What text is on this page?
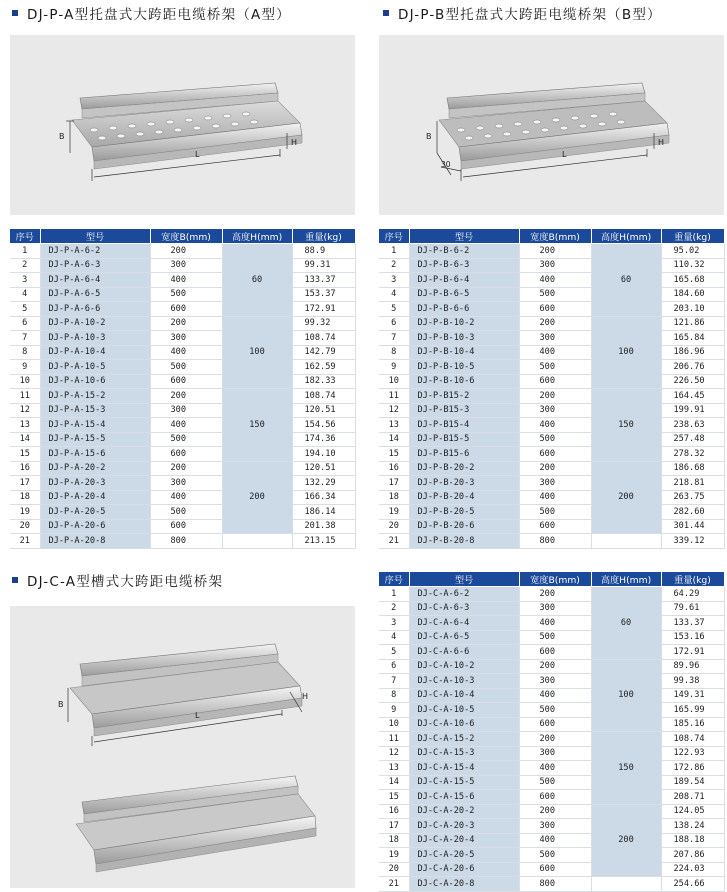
DJ-P-A型托盘式大跨距电缆桥架（A型）	DJ-P-B型托盘式大跨距电缆桥架（B型）
DJ-C-A型槽式大跨距电缆桥架
B
L
H
B
L
H
30
B
L
H
序号	型号	宽度B(mm)	高度H(mm)	重量(kg)
1	DJ-P-A-6-2	200	60	88.9
2	DJ-P-A-6-3	300		99.31
3	DJ-P-A-6-4	400		133.37
4	DJ-P-A-6-5	500		153.37
5	DJ-P-A-6-6	600		172.91
6	DJ-P-A-10-2	200	100	99.32
7	DJ-P-A-10-3	300		108.74
8	DJ-P-A-10-4	400		142.79
9	DJ-P-A-10-5	500		162.59
10	DJ-P-A-10-6	600		182.33
11	DJ-P-A-15-2	200	150	108.74
12	DJ-P-A-15-3	300		120.51
13	DJ-P-A-15-4	400		154.56
14	DJ-P-A-15-5	500		174.36
15	DJ-P-A-15-6	600		194.10
16	DJ-P-A-20-2	200	200	120.51
17	DJ-P-A-20-3	300		132.29
18	DJ-P-A-20-4	400		166.34
19	DJ-P-A-20-5	500		186.14
20	DJ-P-A-20-6	600		201.38
21	DJ-P-A-20-8	800		213.15
序号	型号	宽度B(mm)	高度H(mm)	重量(kg)
1	DJ-P-B-6-2	200	60	95.02
2	DJ-P-B-6-3	300		110.32
3	DJ-P-B-6-4	400		165.68
4	DJ-P-B-6-5	500		184.60
5	DJ-P-B-6-6	600		203.10
6	DJ-P-B-10-2	200	100	121.86
7	DJ-P-B-10-3	300		165.84
8	DJ-P-B-10-4	400		186.96
9	DJ-P-B-10-5	500		206.76
10	DJ-P-B-10-6	600		226.50
11	DJ-P-B15-2	200	150	164.45
12	DJ-P-B15-3	300		199.91
13	DJ-P-B15-4	400		238.63
14	DJ-P-B15-5	500		257.48
15	DJ-P-B15-6	600		278.32
16	DJ-P-B-20-2	200	200	186.68
17	DJ-P-B-20-3	300		218.81
18	DJ-P-B-20-4	400		263.75
19	DJ-P-B-20-5	500		282.60
20	DJ-P-B-20-6	600		301.44
21	DJ-P-B-20-8	800		339.12
序号	型号	宽度B(mm)	高度H(mm)	重量(kg)
1	DJ-C-A-6-2	200	60	64.29
2	DJ-C-A-6-3	300		79.61
3	DJ-C-A-6-4	400		133.37
4	DJ-C-A-6-5	500		153.16
5	DJ-C-A-6-6	600		172.91
6	DJ-C-A-10-2	200	100	89.96
7	DJ-C-A-10-3	300		99.38
8	DJ-C-A-10-4	400		149.31
9	DJ-C-A-10-5	500		165.99
10	DJ-C-A-10-6	600		185.16
11	DJ-C-A-15-2	200	150	108.74
12	DJ-C-A-15-3	300		122.93
13	DJ-C-A-15-4	400		172.86
14	DJ-C-A-15-5	500		189.54
15	DJ-C-A-15-6	600		208.71
16	DJ-C-A-20-2	200	200	124.05
17	DJ-C-A-20-3	300		138.24
18	DJ-C-A-20-4	400		188.18
19	DJ-C-A-20-5	500		207.86
20	DJ-C-A-20-6	600		224.03
21	DJ-C-A-20-8	800		254.66
